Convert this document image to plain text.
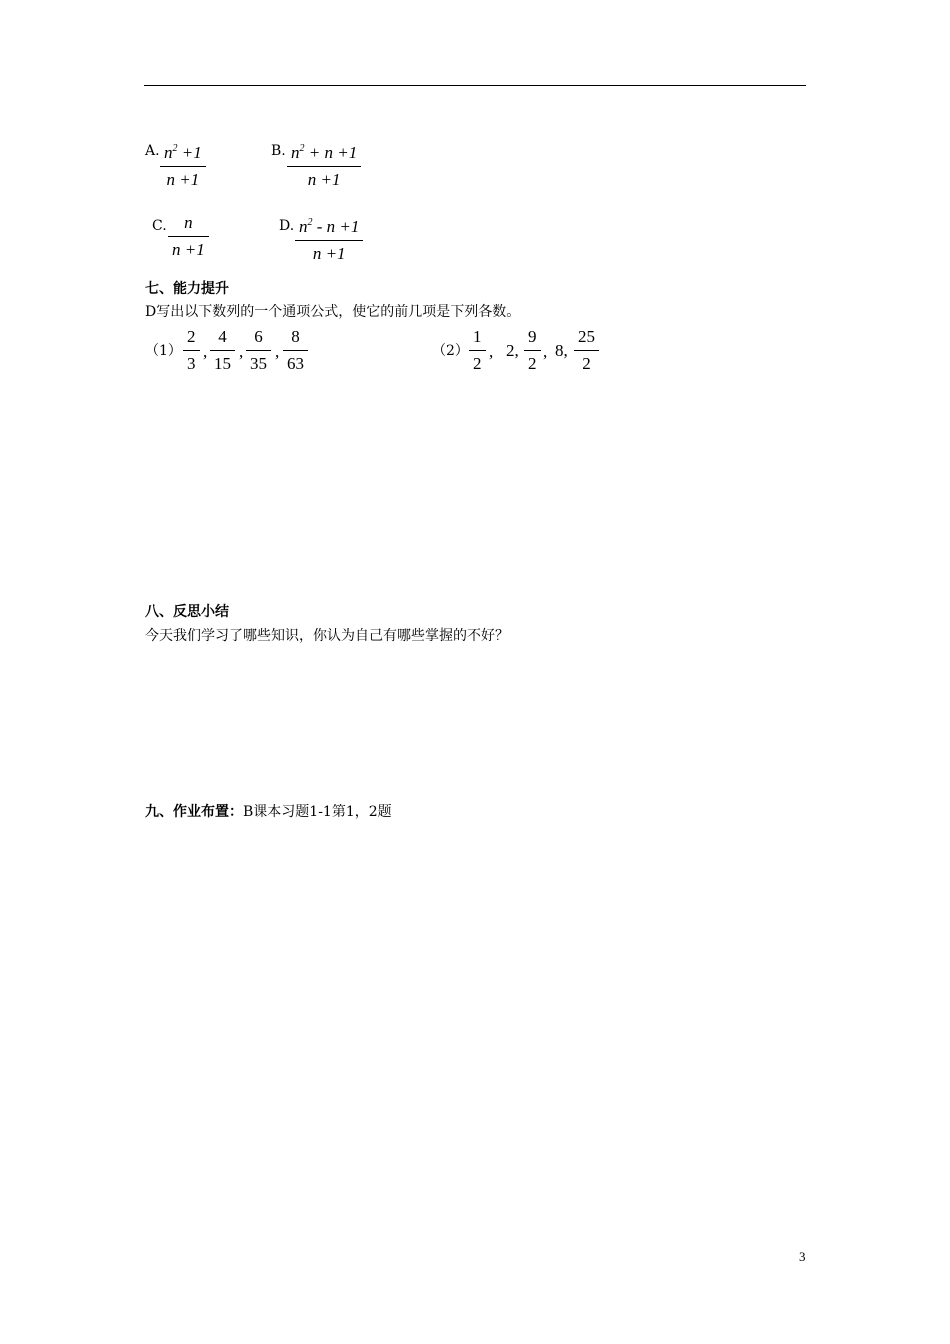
A. $n^2 +1$
n +1
B. $n^2 + n +1$
n +1
C. n
n +1
D. $n^2 - n +1$
n +1
七、能力提升
D写出以下数列的一个通项公式，使它的前几项是下列各数。
（1）
2
3
,
4
15
,
6
35
,
8
63
（2）
1
2
, 2,
9
2
, 8,
25
2
八、反思小结
今天我们学习了哪些知识，你认为自己有哪些掌握的不好？
九、作业布置：B课本习题1-1第1，2题
3
